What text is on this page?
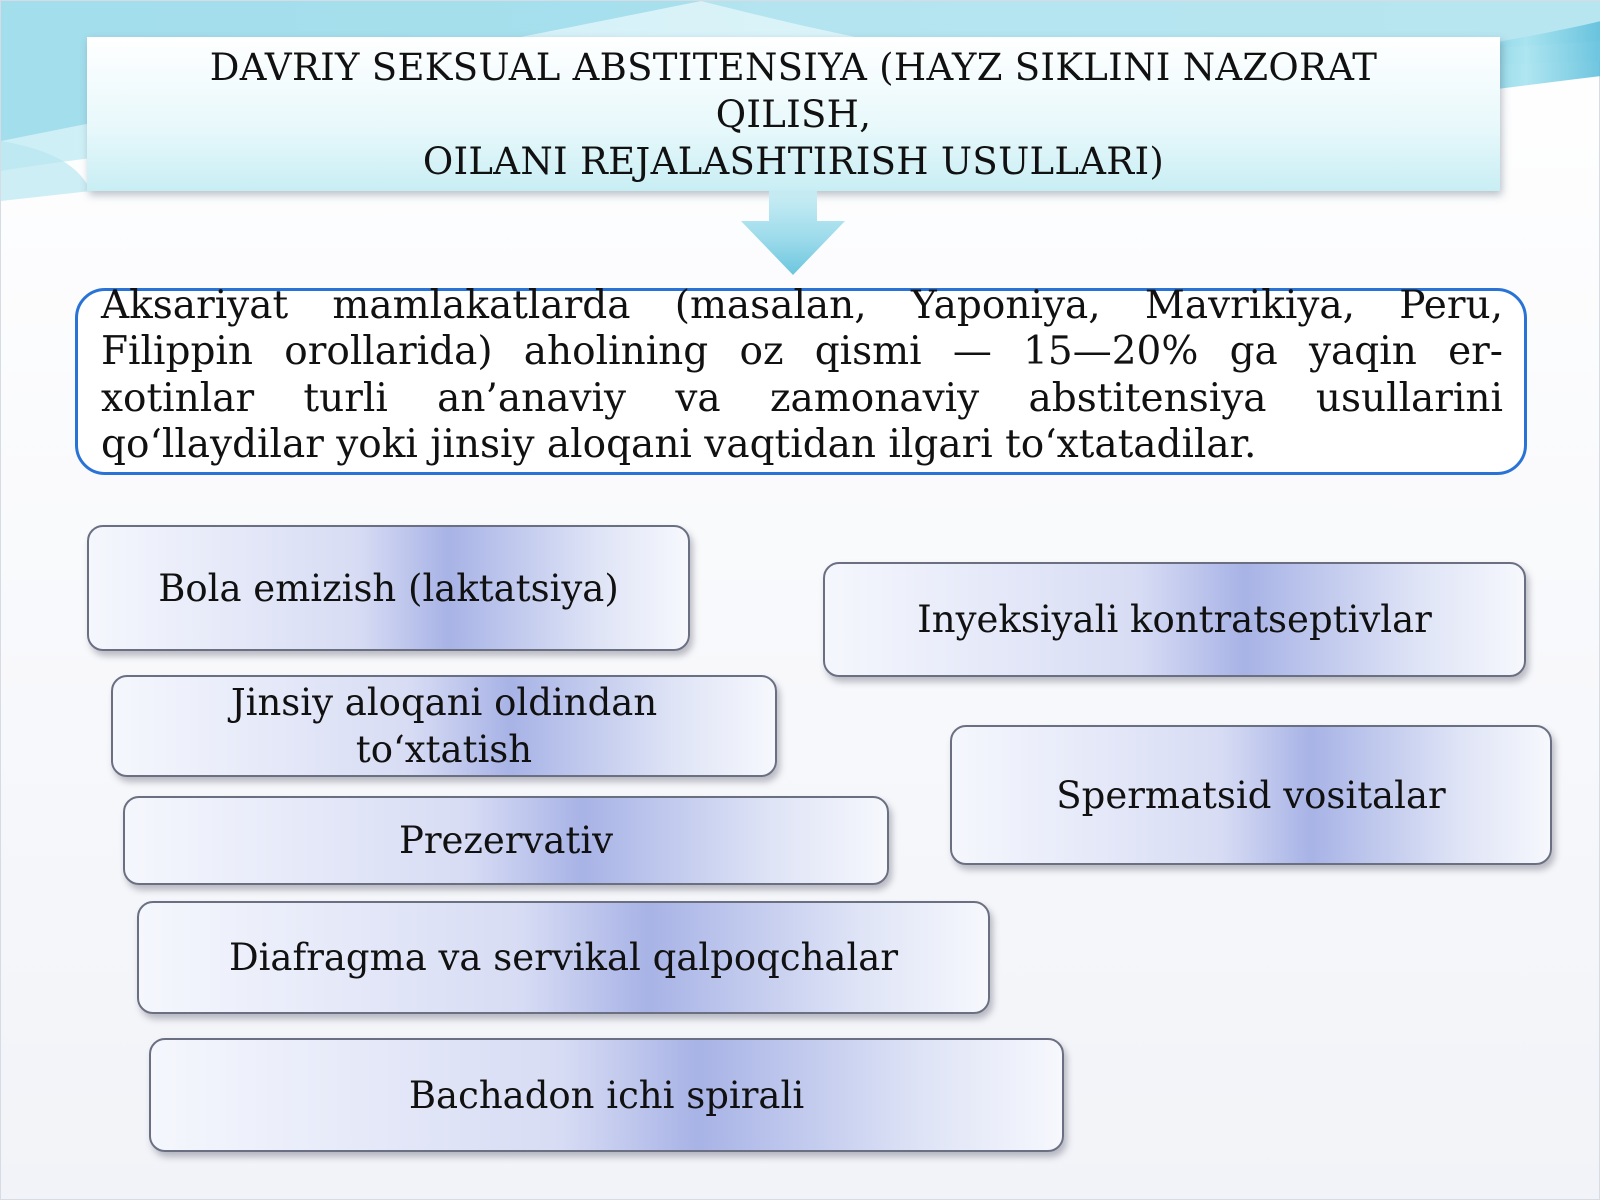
DAVRIY SEKSUAL ABSTITENSIYA (HAYZ SIKLINI NAZORAT QILISH,
OILANI REJALASHTIRISH USULLARI)
Aksariyat mamlakatlarda (masalan, Yaponiya, Mavrikiya, Peru,
Filippin orollarida) aholining oz qismi — 15—20% ga yaqin er-
xotinlar turli an’anaviy va zamonaviy abstitensiya usullarini
qo‘llaydilar yoki jinsiy aloqani vaqtidan ilgari to‘xtatadilar.
Bola emizish (laktatsiya)
Jinsiy aloqani oldindan to‘xtatish
Prezervativ
Diafragma va servikal qalpoqchalar
Bachadon ichi spirali
Inyeksiyali kontratseptivlar
Spermatsid vositalar
